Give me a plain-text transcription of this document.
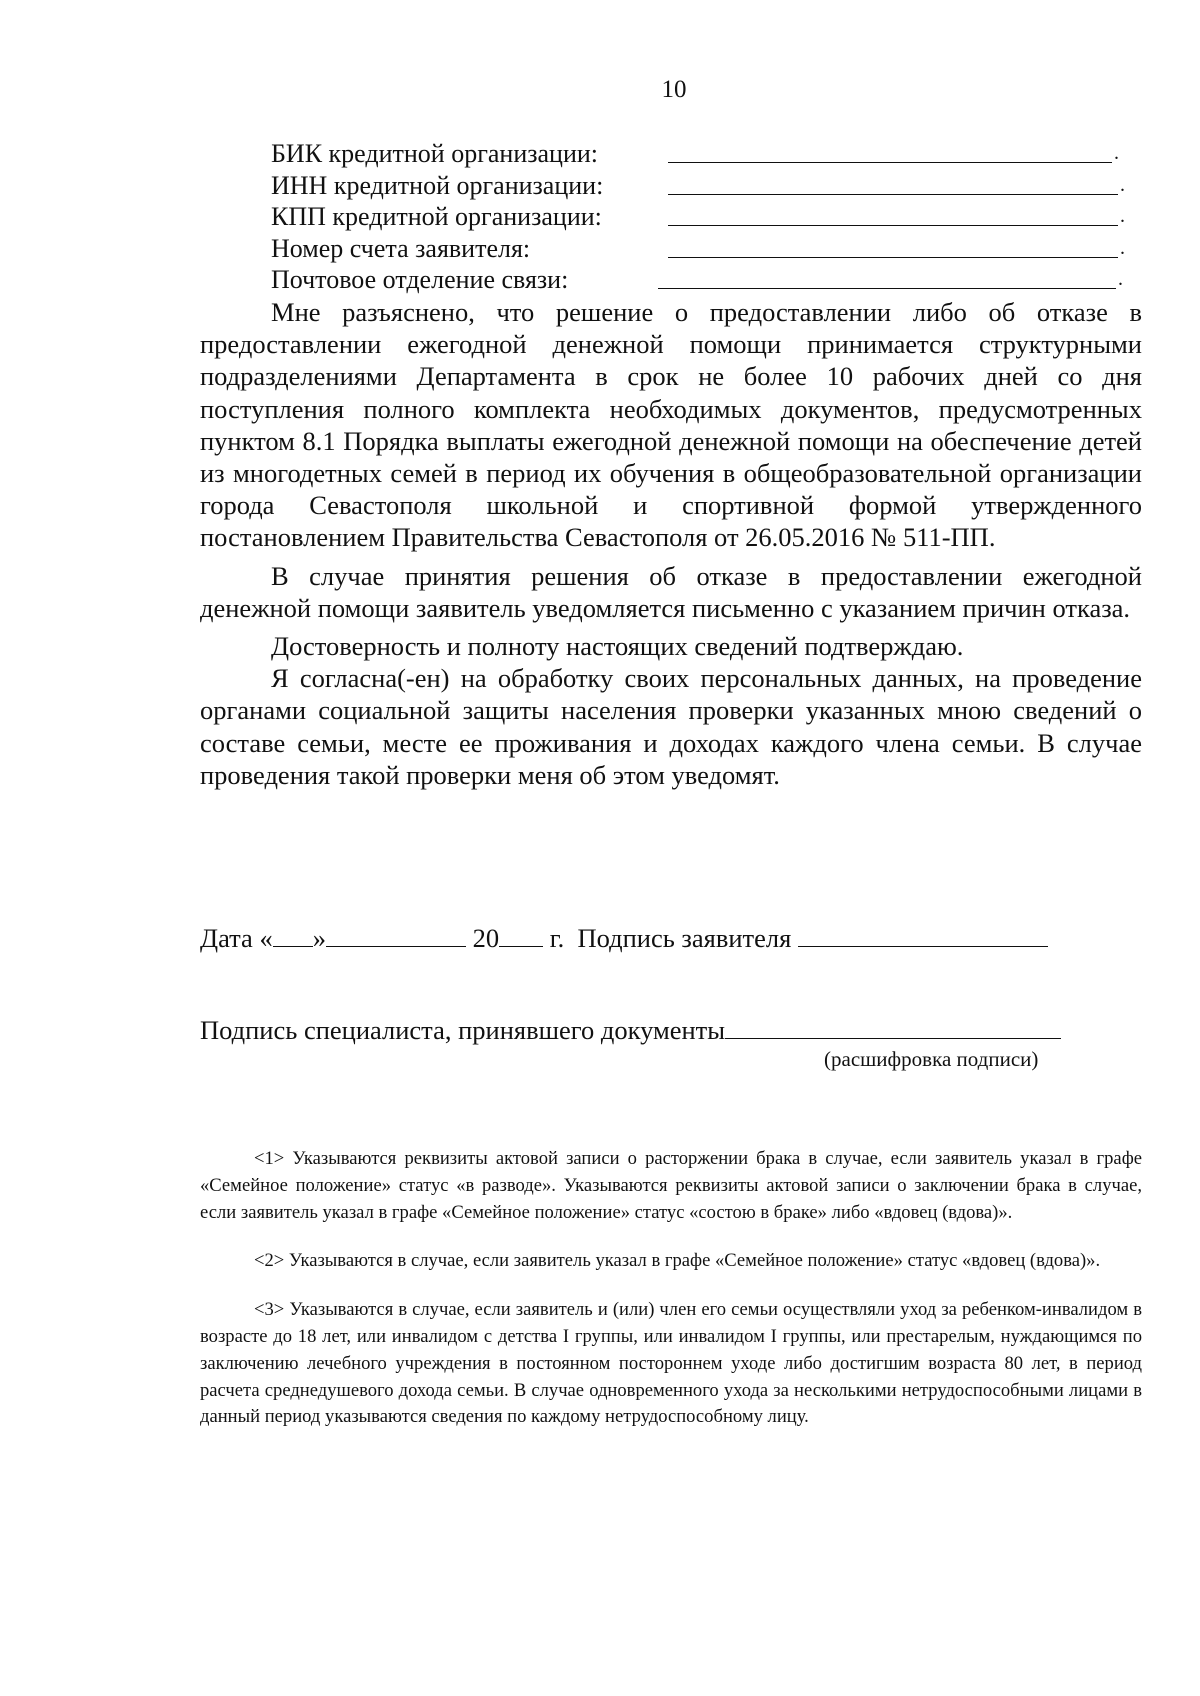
10
БИК кредитной организации:	.
ИНН кредитной организации:	.
КПП кредитной организации:	.
Номер счета заявителя:	.
Почтовое отделение связи:	.

Мне разъяснено, что решение о предоставлении либо об отказе в предоставлении ежегодной денежной помощи принимается структурными подразделениями Департамента в срок не более 10 рабочих дней со дня поступления полного комплекта необходимых документов, предусмотренных пунктом 8.1 Порядка выплаты ежегодной денежной помощи на обеспечение детей из многодетных семей в период их обучения в общеобразовательной организации города Севастополя школьной и спортивной формой утвержденного постановлением Правительства Севастополя от 26.05.2016 № 511-ПП.

В случае принятия решения об отказе в предоставлении ежегодной денежной помощи заявитель уведомляется письменно с указанием причин отказа.

Достоверность и полноту настоящих сведений подтверждаю.

Я согласна(-ен) на обработку своих персональных данных, на проведение органами социальной защиты населения проверки указанных мною сведений о составе семьи, месте ее проживания и доходах каждого члена семьи. В случае проведения такой проверки меня об этом уведомят.

Дата « »	20 г. Подпись заявителя
Подпись специалиста, принявшего документы
(расшифровка подписи)

<1> Указываются реквизиты актовой записи о расторжении брака в случае, если заявитель указал в графе «Семейное положение» статус «в разводе». Указываются реквизиты актовой записи о заключении брака в случае, если заявитель указал в графе «Семейное положение» статус «состою в браке» либо «вдовец (вдова)».

<2> Указываются в случае, если заявитель указал в графе «Семейное положение» статус «вдовец (вдова)».

<3> Указываются в случае, если заявитель и (или) член его семьи осуществляли уход за ребенком-инвалидом в возрасте до 18 лет, или инвалидом с детства I группы, или инвалидом I группы, или престарелым, нуждающимся по заключению лечебного учреждения в постоянном постороннем уходе либо достигшим возраста 80 лет, в период расчета среднедушевого дохода семьи. В случае одновременного ухода за несколькими нетрудоспособными лицами в данный период указываются сведения по каждому нетрудоспособному лицу.
